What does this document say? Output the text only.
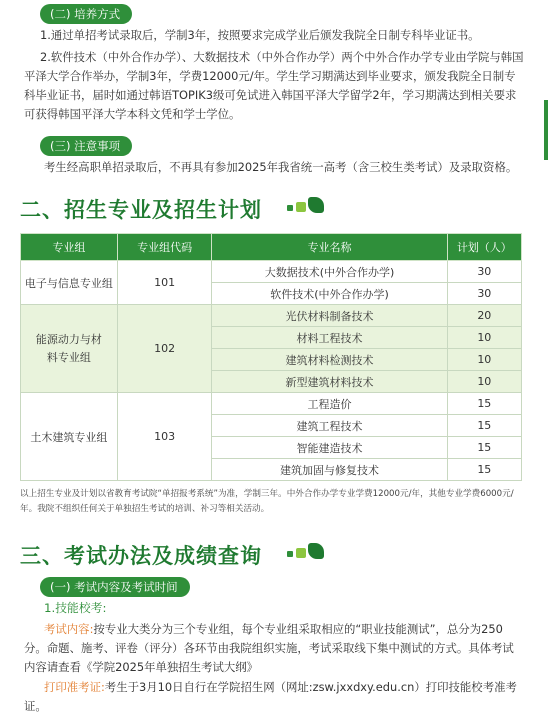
(二) 培养方式

1.通过单招考试录取后，学制3年，按照要求完成学业后颁发我院全日制专科毕业证书。

2.软件技术（中外合作办学）、大数据技术（中外合作办学）两个中外合作办学专业由学院与韩国平泽大学合作举办，学制3年，学费12000元/年。学生学习期满达到毕业要求，颁发我院全日制专科毕业证书，届时如通过韩语TOPIK3级可免试进入韩国平泽大学留学2年，学习期满达到相关要求可获得韩国平泽大学本科文凭和学士学位。

(三) 注意事项

考生经高职单招录取后，不再具有参加2025年我省统一高考（含三校生类考试）及录取资格。

二、招生专业及招生计划
专业组	专业组代码	专业名称	计划（人）
电子与信息专业组	101	大数据技术(中外合作办学)	30
		软件技术(中外合作办学)	30
能源动力与材料专业组	102	光伏材料制备技术	20
		材料工程技术	10
		建筑材料检测技术	10
		新型建筑材料技术	10
土木建筑专业组	103	工程造价	15
		建筑工程技术	15
		智能建造技术	15
		建筑加固与修复技术	15

以上招生专业及计划以省教育考试院“单招报考系统”为准，学制三年。中外合作办学专业学费12000元/年，其他专业学费6000元/年。我院不组织任何关于单独招生考试的培训、补习等相关活动。

三、考试办法及成绩查询
(一) 考试内容及考试时间
1.技能校考:

考试内容:按专业大类分为三个专业组，每个专业组采取相应的“职业技能测试”，总分为250分。命题、施考、评卷（评分）各环节由我院组织实施，考试采取线下集中测试的方式。具体考试内容请查看《学院2025年单独招生考试大纲》

打印准考证:考生于3月10日自行在学院招生网（网址:zsw.jxxdxy.edu.cn）打印技能校考准考证。
